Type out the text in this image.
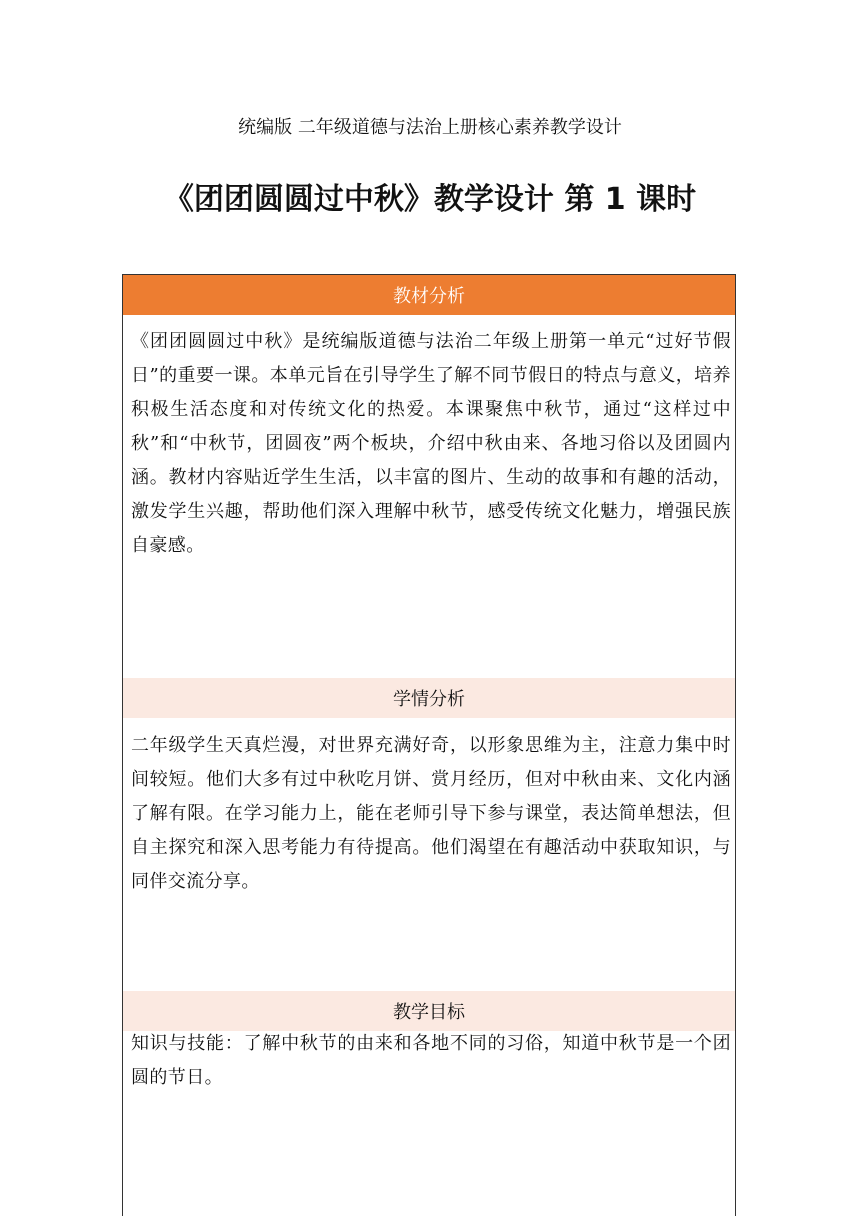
统编版 二年级道德与法治上册核心素养教学设计
《团团圆圆过中秋》教学设计 第 1 课时
教材分析
《团团圆圆过中秋》是统编版道德与法治二年级上册第一单元“过好节假日”的重要一课。本单元旨在引导学生了解不同节假日的特点与意义，培养积极生活态度和对传统文化的热爱。本课聚焦中秋节，通过“这样过中秋”和“中秋节，团圆夜”两个板块，介绍中秋由来、各地习俗以及团圆内涵。教材内容贴近学生生活，以丰富的图片、生动的故事和有趣的活动，激发学生兴趣，帮助他们深入理解中秋节，感受传统文化魅力，增强民族自豪感。
学情分析
二年级学生天真烂漫，对世界充满好奇，以形象思维为主，注意力集中时间较短。他们大多有过中秋吃月饼、赏月经历，但对中秋由来、文化内涵了解有限。在学习能力上，能在老师引导下参与课堂，表达简单想法，但自主探究和深入思考能力有待提高。他们渴望在有趣活动中获取知识，与同伴交流分享。
教学目标
知识与技能：了解中秋节的由来和各地不同的习俗，知道中秋节是一个团圆的节日。
